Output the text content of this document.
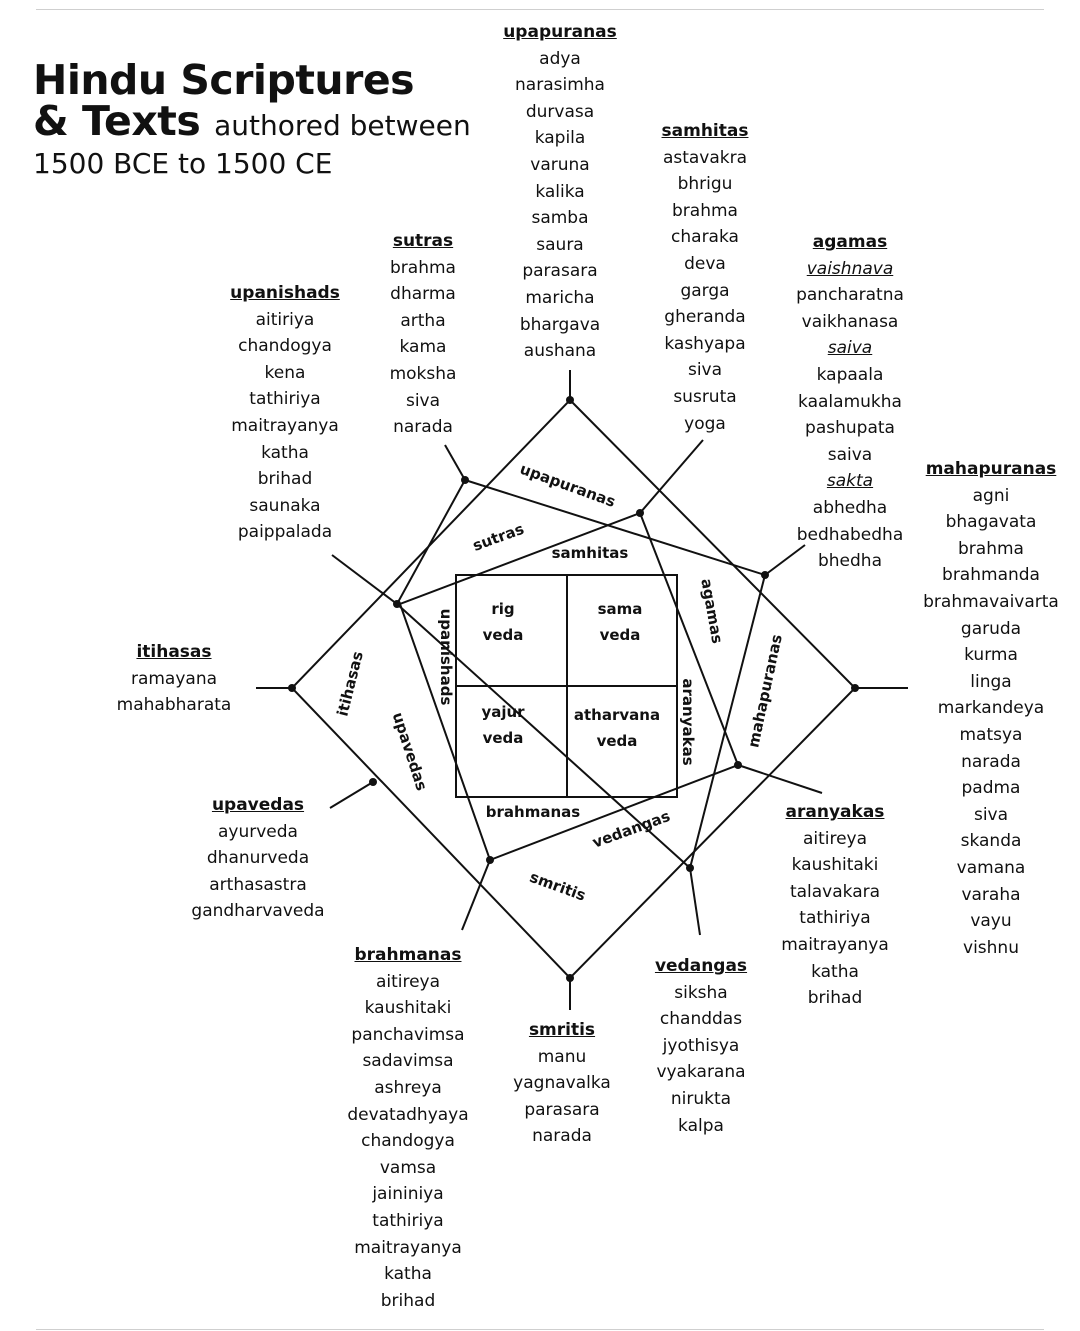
Hindu Scriptures
& Texts authored between
1500 BCE to 1500 CE
rig veda
sama veda
yajur veda
atharvana veda
upapuranas
sutras samhitas
agamas
mahapuranas
aranyakas
vedangas
smritis
brahmanas
upavedas
itihasas	upanishads
upapuranas
adya
narasimha
durvasa
kapila
varuna
kalika
samba
saura
parasara
maricha
bhargava
aushana
samhitas
astavakra
bhrigu
brahma
charaka
deva
garga
gheranda
kashyapa
siva
susruta
yoga
sutras
brahma
dharma
artha
kama
moksha
siva
narada
agamas
vaishnava
pancharatna
vaikhanasa
saiva
kapaala
kaalamukha
pashupata
saiva
sakta
abhedha
bedhabedha
bhedha
upanishads
aitiriya
chandogya
kena
tathiriya
maitrayanya
katha
brihad
saunaka
paippalada
mahapuranas
agni
bhagavata
brahma
brahmanda
brahmavaivarta
garuda
kurma
linga
markandeya
matsya
narada
padma
siva
skanda
vamana
varaha
vayu
vishnu
itihasas
ramayana
mahabharata
upavedas
ayurveda
dhanurveda
arthasastra
gandharvaveda
aranyakas
aitireya
kaushitaki
talavakara
tathiriya
maitrayanya
katha
brihad
brahmanas
aitireya
kaushitaki
panchavimsa
sadavimsa
ashreya
devatadhyaya
chandogya
vamsa
jaininiya
tathiriya
maitrayanya
katha
brihad
vedangas
siksha
chanddas
jyothisya
vyakarana
nirukta
kalpa
smritis
manu
yagnavalka
parasara
narada
